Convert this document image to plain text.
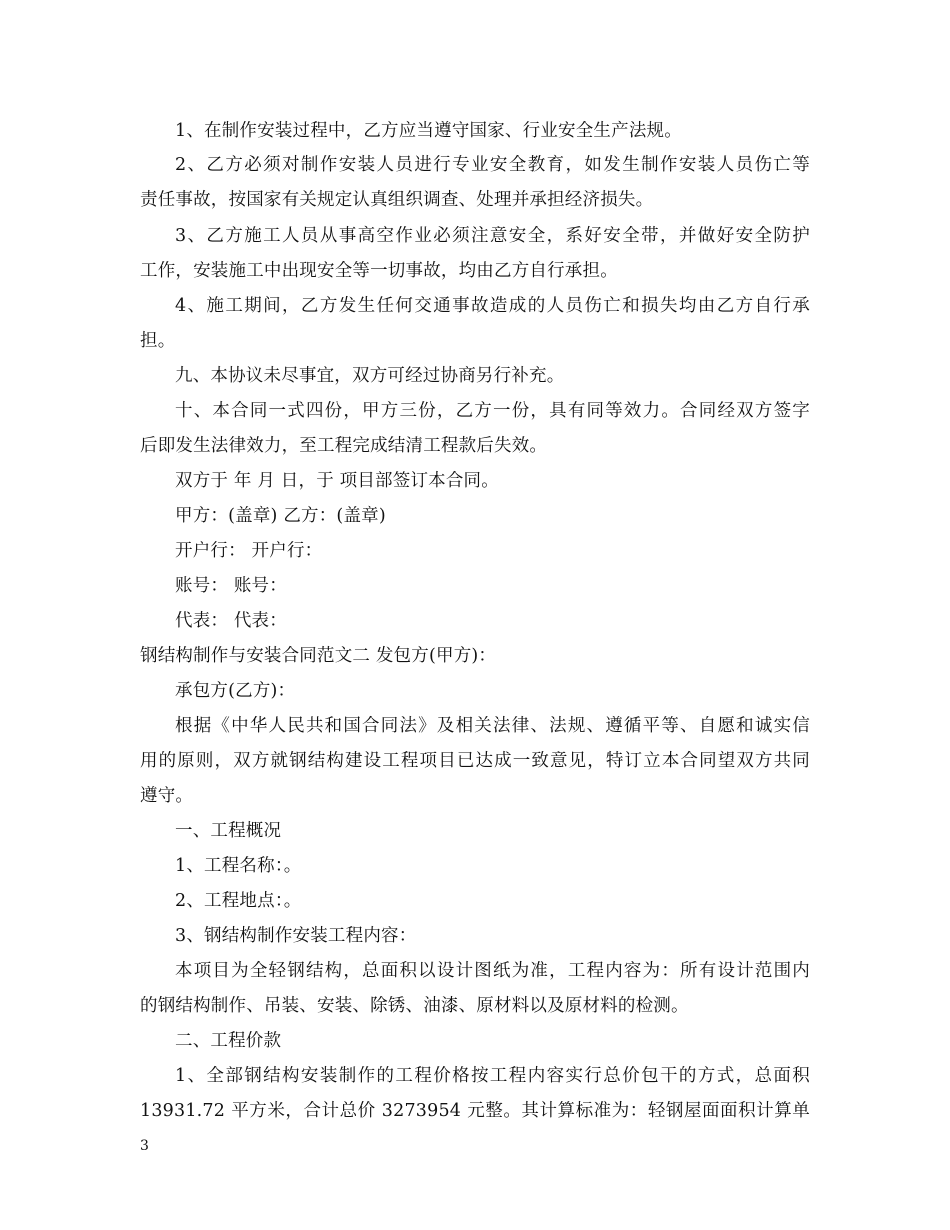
1、在制作安装过程中，乙方应当遵守国家、行业安全生产法规。
2、乙方必须对制作安装人员进行专业安全教育，如发生制作安装人员伤亡等
责任事故，按国家有关规定认真组织调查、处理并承担经济损失。
3、乙方施工人员从事高空作业必须注意安全，系好安全带，并做好安全防护
工作，安装施工中出现安全等一切事故，均由乙方自行承担。
4、施工期间，乙方发生任何交通事故造成的人员伤亡和损失均由乙方自行承
担。
九、本协议未尽事宜，双方可经过协商另行补充。
十、本合同一式四份，甲方三份，乙方一份，具有同等效力。合同经双方签字
后即发生法律效力，至工程完成结清工程款后失效。
双方于 年 月 日，于 项目部签订本合同。
甲方：(盖章) 乙方：(盖章)
开户行： 开户行：
账号： 账号：
代表： 代表：
钢结构制作与安装合同范文二 发包方(甲方)：
承包方(乙方)：
根据《中华人民共和国合同法》及相关法律、法规、遵循平等、自愿和诚实信
用的原则，双方就钢结构建设工程项目已达成一致意见，特订立本合同望双方共同
遵守。
一、工程概况
1、工程名称：。
2、工程地点：。
3、钢结构制作安装工程内容：
本项目为全轻钢结构，总面积以设计图纸为准，工程内容为：所有设计范围内
的钢结构制作、吊装、安装、除锈、油漆、原材料以及原材料的检测。
二、工程价款
1、全部钢结构安装制作的工程价格按工程内容实行总价包干的方式，总面积
13931.72 平方米，合计总价 3273954 元整。其计算标准为：轻钢屋面面积计算单
3
